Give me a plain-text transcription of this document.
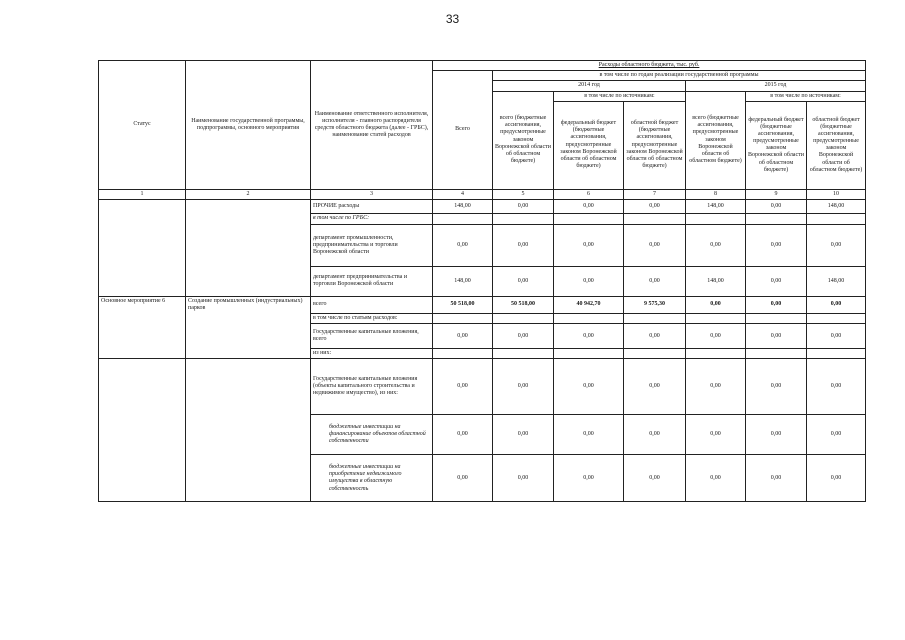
33
Статус	Наименование государственной программы, подпрограммы, основного мероприятия	Наименование ответственного исполнителя, исполнителя - главного распорядителя средств областного бюджета (далее - ГРБС), наименование статей расходов	Расходы областного бюджета, тыс. руб.						
			Всего	в том числе по годам реализации государственной программы					
				2014 год			2015 год		
				всего (бюджетные ассигнования, предусмотренные законом Воронежской области об областном бюджете)	в том числе по источникам:		всего (бюджетные ассигнования, предусмотренные законом Воронежской области об областном бюджете)	в том числе по источникам:	
					федеральный бюджет (бюджетные ассигнования, предусмотренные законом Воронежской области об областном бюджете)	областной бюджет (бюджетные ассигнования, предусмотренные законом Воронежской области об областном бюджете)		федеральный бюджет (бюджетные ассигнования, предусмотренные законом Воронежской области об областном бюджете)	областной бюджет (бюджетные ассигнования, предусмотренные законом Воронежской области об областном бюджете)
1	2	3	4	5	6	7	8	9	10
		ПРОЧИЕ расходы	148,00	0,00	0,00	0,00	148,00	0,00	148,00
		в том числе по ГРБС:							
		департамент промышленности, предпринимательства и торговли Воронежской области	0,00	0,00	0,00	0,00	0,00	0,00	0,00
		департамент предпринимательства и торговли Воронежской области	148,00	0,00	0,00	0,00	148,00	0,00	148,00
Основное мероприятие 6	Создание промышленных (индустриальных) парков	всего	50 518,00	50 518,00	40 942,70	9 575,30	0,00	0,00	0,00
		в том числе по статьям расходов:							
		Государственные капитальные вложения, всего	0,00	0,00	0,00	0,00	0,00	0,00	0,00
		из них:							
		Государственные капитальные вложения (объекты капитального строительства и недвижимое имущество), из них:	0,00	0,00	0,00	0,00	0,00	0,00	0,00
		бюджетные инвестиции на финансирование объектов областной собственности	0,00	0,00	0,00	0,00	0,00	0,00	0,00
		бюджетные инвестиции на приобретение недвижимого имущества в областную собственность	0,00	0,00	0,00	0,00	0,00	0,00	0,00
